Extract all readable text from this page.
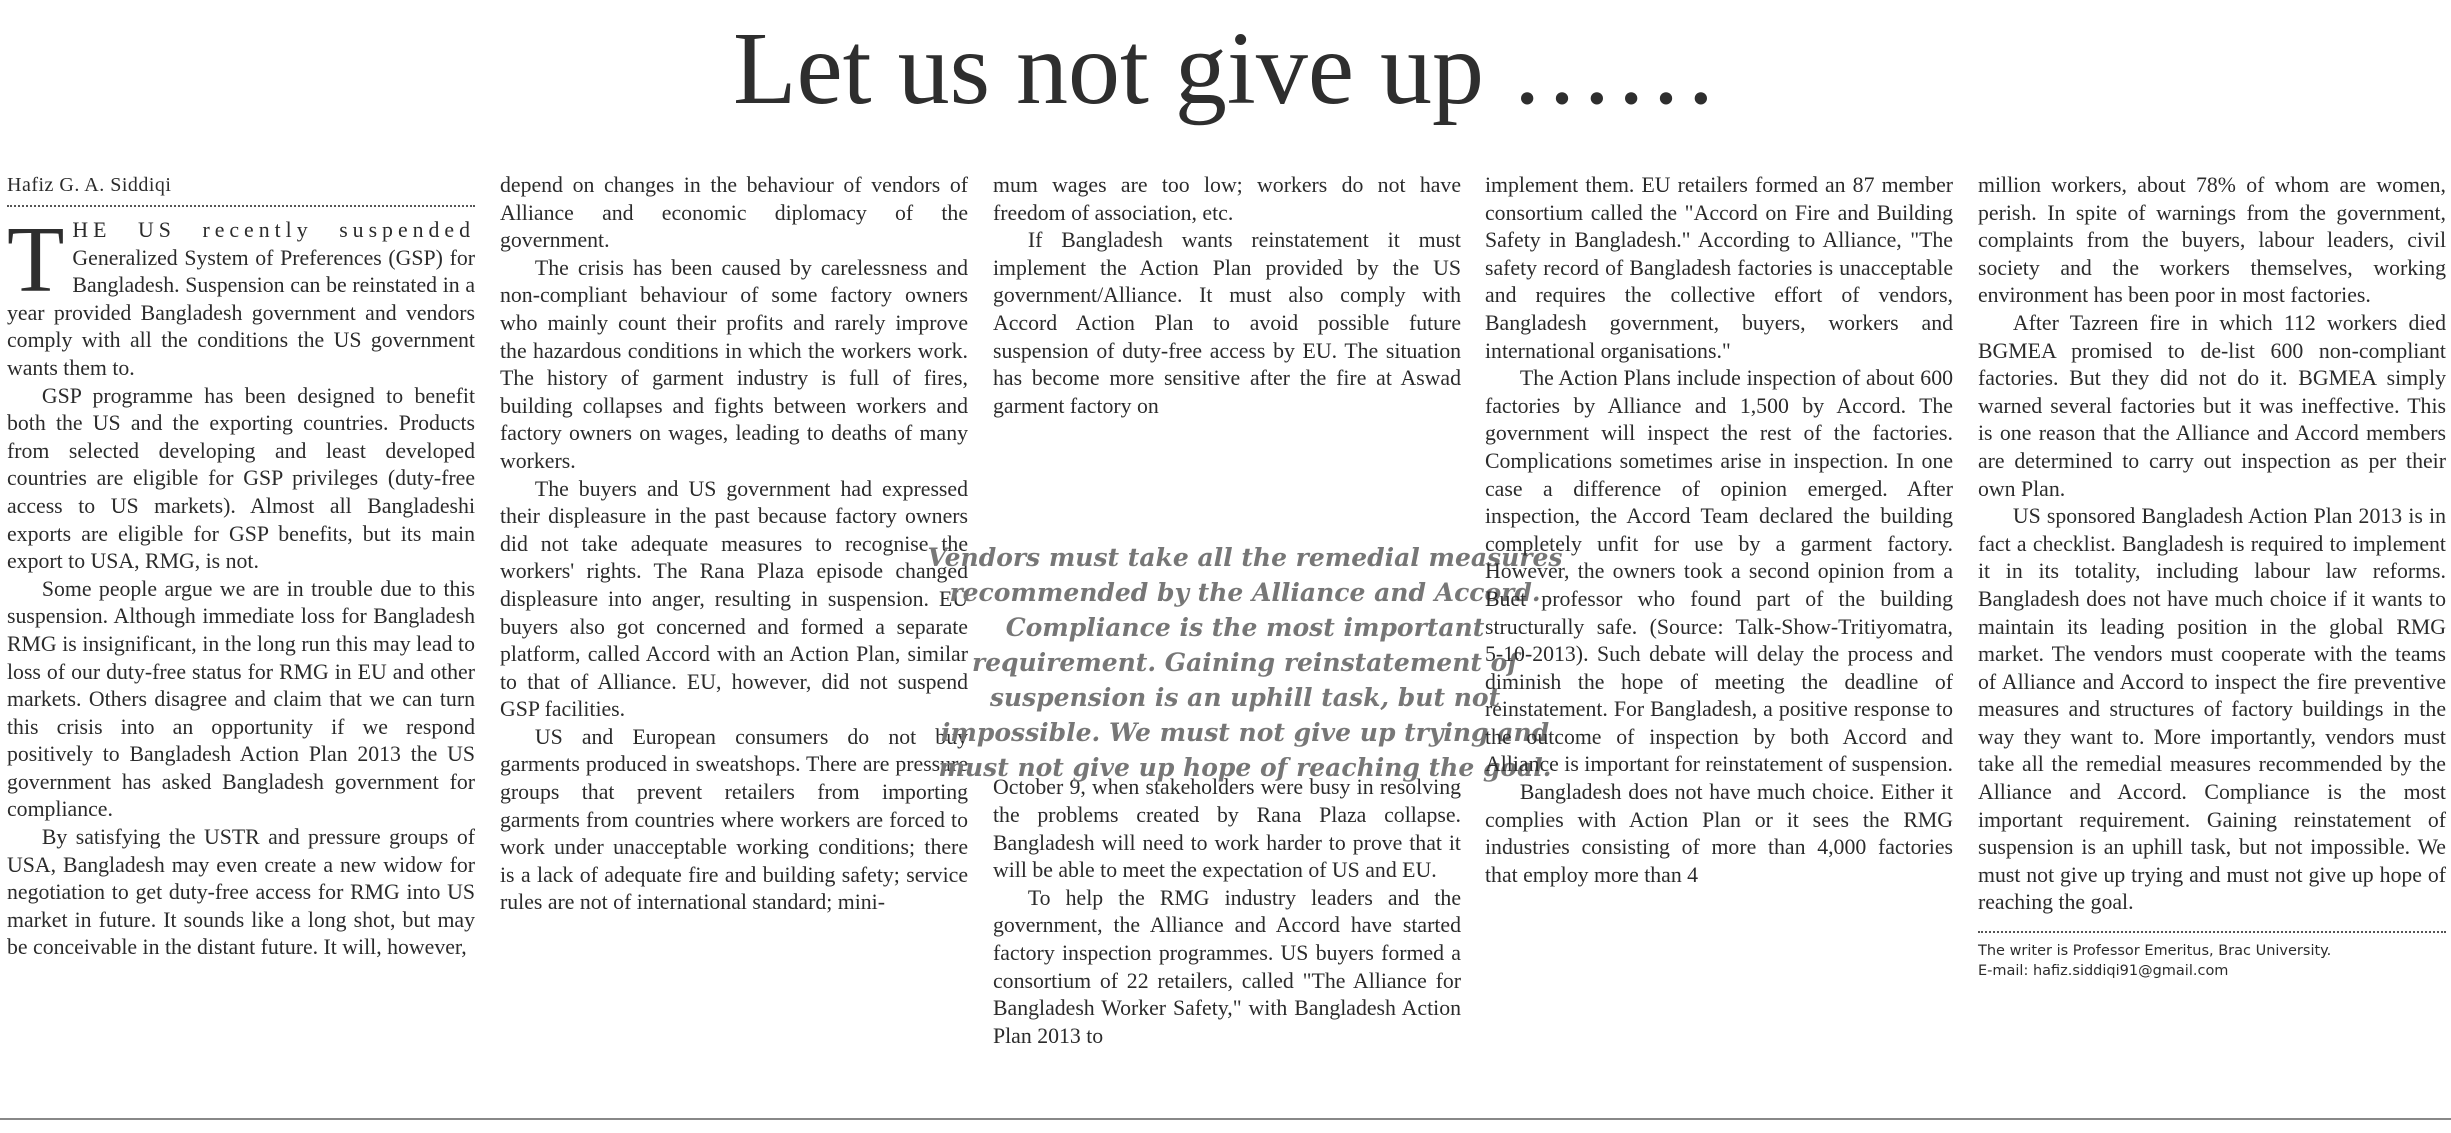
Let us not give up ……
Hafiz G. A. Siddiqi

THE US recently suspended Generalized System of Preferences (GSP) for Bangladesh. Suspension can be reinstated in a year provided Bangladesh government and vendors comply with all the conditions the US government wants them to.

GSP programme has been designed to benefit both the US and the exporting countries. Products from selected developing and least developed countries are eligible for GSP privileges (duty-free access to US markets). Almost all Bangladeshi exports are eligible for GSP benefits, but its main export to USA, RMG, is not.

Some people argue we are in trouble due to this suspension. Although immediate loss for Bangladesh RMG is insignificant, in the long run this may lead to loss of our duty-free status for RMG in EU and other markets. Others disagree and claim that we can turn this crisis into an opportunity if we respond positively to Bangladesh Action Plan 2013 the US government has asked Bangladesh government for compliance.

By satisfying the USTR and pressure groups of USA, Bangladesh may even create a new widow for negotiation to get duty-free access for RMG into US market in future. It sounds like a long shot, but may be conceivable in the distant future. It will, however,

depend on changes in the behaviour of vendors of Alliance and economic diplomacy of the government.

The crisis has been caused by carelessness and non-compliant behaviour of some factory owners who mainly count their profits and rarely improve the hazardous conditions in which the workers work. The history of garment industry is full of fires, building collapses and fights between workers and factory owners on wages, leading to deaths of many workers.

The buyers and US government had expressed their displeasure in the past because factory owners did not take adequate measures to recognise the workers' rights. The Rana Plaza episode changed displeasure into anger, resulting in suspension. EU buyers also got concerned and formed a separate platform, called Accord with an Action Plan, similar to that of Alliance. EU, however, did not suspend GSP facilities.

US and European consumers do not buy garments produced in sweatshops. There are pressure groups that prevent retailers from importing garments from countries where workers are forced to work under unacceptable working conditions; there is a lack of adequate fire and building safety; service rules are not of international standard; mini-

mum wages are too low; workers do not have freedom of association, etc.

If Bangladesh wants reinstatement it must implement the Action Plan provided by the US government/Alliance. It must also comply with Accord Action Plan to avoid possible future suspension of duty-free access by EU. The situation has become more sensitive after the fire at Aswad garment factory on

October 9, when stakeholders were busy in resolving the problems created by Rana Plaza collapse. Bangladesh will need to work harder to prove that it will be able to meet the expectation of US and EU.

To help the RMG industry leaders and the government, the Alliance and Accord have started factory inspection programmes. US buyers formed a consortium of 22 retailers, called "The Alliance for Bangladesh Worker Safety," with Bangladesh Action Plan 2013 to

Vendors must take all the remedial measures recommended by the Alliance and Accord. Compliance is the most important requirement. Gaining reinstatement of suspension is an uphill task, but not impossible. We must not give up trying and must not give up hope of reaching the goal.

implement them. EU retailers formed an 87 member consortium called the "Accord on Fire and Building Safety in Bangladesh." According to Alliance, "The safety record of Bangladesh factories is unacceptable and requires the collective effort of vendors, Bangladesh government, buyers, workers and international organisations."

The Action Plans include inspection of about 600 factories by Alliance and 1,500 by Accord. The government will inspect the rest of the factories. Complications sometimes arise in inspection. In one case a difference of opinion emerged. After inspection, the Accord Team declared the building completely unfit for use by a garment factory. However, the owners took a second opinion from a Buet professor who found part of the building structurally safe. (Source: Talk-Show-Tritiyomatra, 5-10-2013). Such debate will delay the process and diminish the hope of meeting the deadline of reinstatement. For Bangladesh, a positive response to the outcome of inspection by both Accord and Alliance is important for reinstatement of suspension.

Bangladesh does not have much choice. Either it complies with Action Plan or it sees the RMG industries consisting of more than 4,000 factories that employ more than 4

million workers, about 78% of whom are women, perish. In spite of warnings from the government, complaints from the buyers, labour leaders, civil society and the workers themselves, working environment has been poor in most factories.

After Tazreen fire in which 112 workers died BGMEA promised to de-list 600 non-compliant factories. But they did not do it. BGMEA simply warned several factories but it was ineffective. This is one reason that the Alliance and Accord members are determined to carry out inspection as per their own Plan.

US sponsored Bangladesh Action Plan 2013 is in fact a checklist. Bangladesh is required to implement it in its totality, including labour law reforms. Bangladesh does not have much choice if it wants to maintain its leading position in the global RMG market. The vendors must cooperate with the teams of Alliance and Accord to inspect the fire preventive measures and structures of factory buildings in the way they want to. More importantly, vendors must take all the remedial measures recommended by the Alliance and Accord. Compliance is the most important requirement. Gaining reinstatement of suspension is an uphill task, but not impossible. We must not give up trying and must not give up hope of reaching the goal.

The writer is Professor Emeritus, Brac University.
E-mail: hafiz.siddiqi91@gmail.com
